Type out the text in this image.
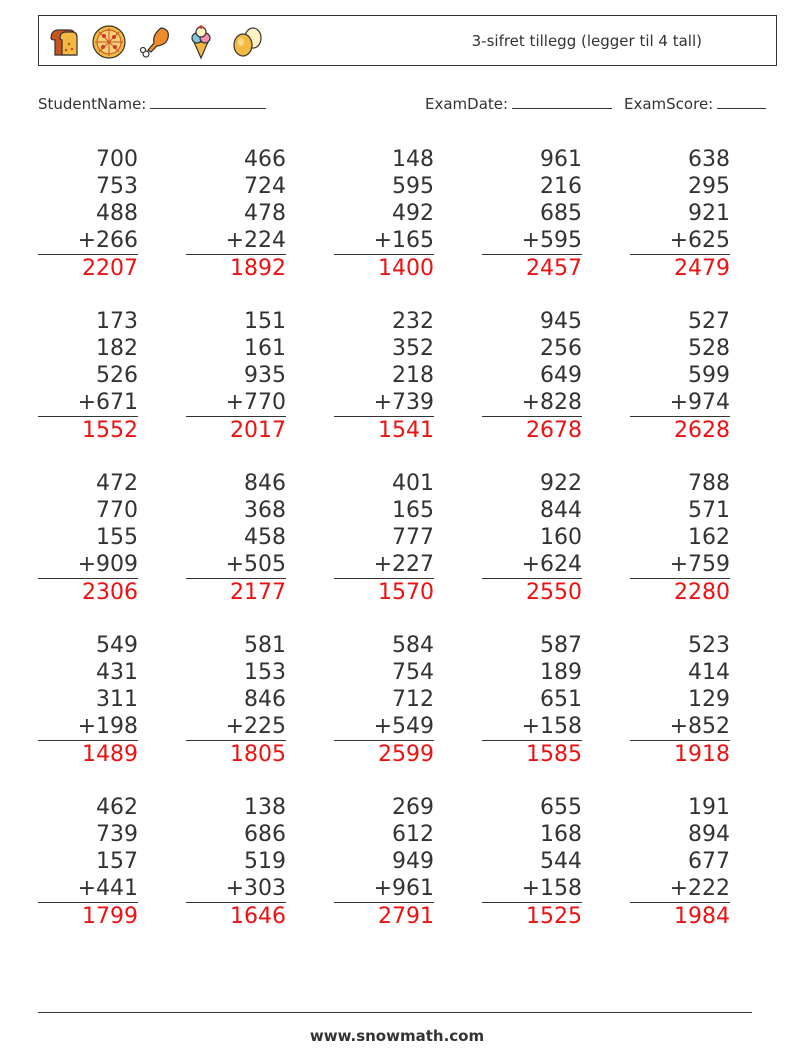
3-sifret tillegg (legger til 4 tall)
StudentName:	ExamDate:	ExamScore:
700
753
488
+266
2207
466
724
478
+224
1892
148
595
492
+165
1400
961
216
685
+595
2457
638
295
921
+625
2479
173
182
526
+671
1552
151
161
935
+770
2017
232
352
218
+739
1541
945
256
649
+828
2678
527
528
599
+974
2628
472
770
155
+909
2306
846
368
458
+505
2177
401
165
777
+227
1570
922
844
160
+624
2550
788
571
162
+759
2280
549
431
311
+198
1489
581
153
846
+225
1805
584
754
712
+549
2599
587
189
651
+158
1585
523
414
129
+852
1918
462
739
157
+441
1799
138
686
519
+303
1646
269
612
949
+961
2791
655
168
544
+158
1525
191
894
677
+222
1984
www.snowmath.com
